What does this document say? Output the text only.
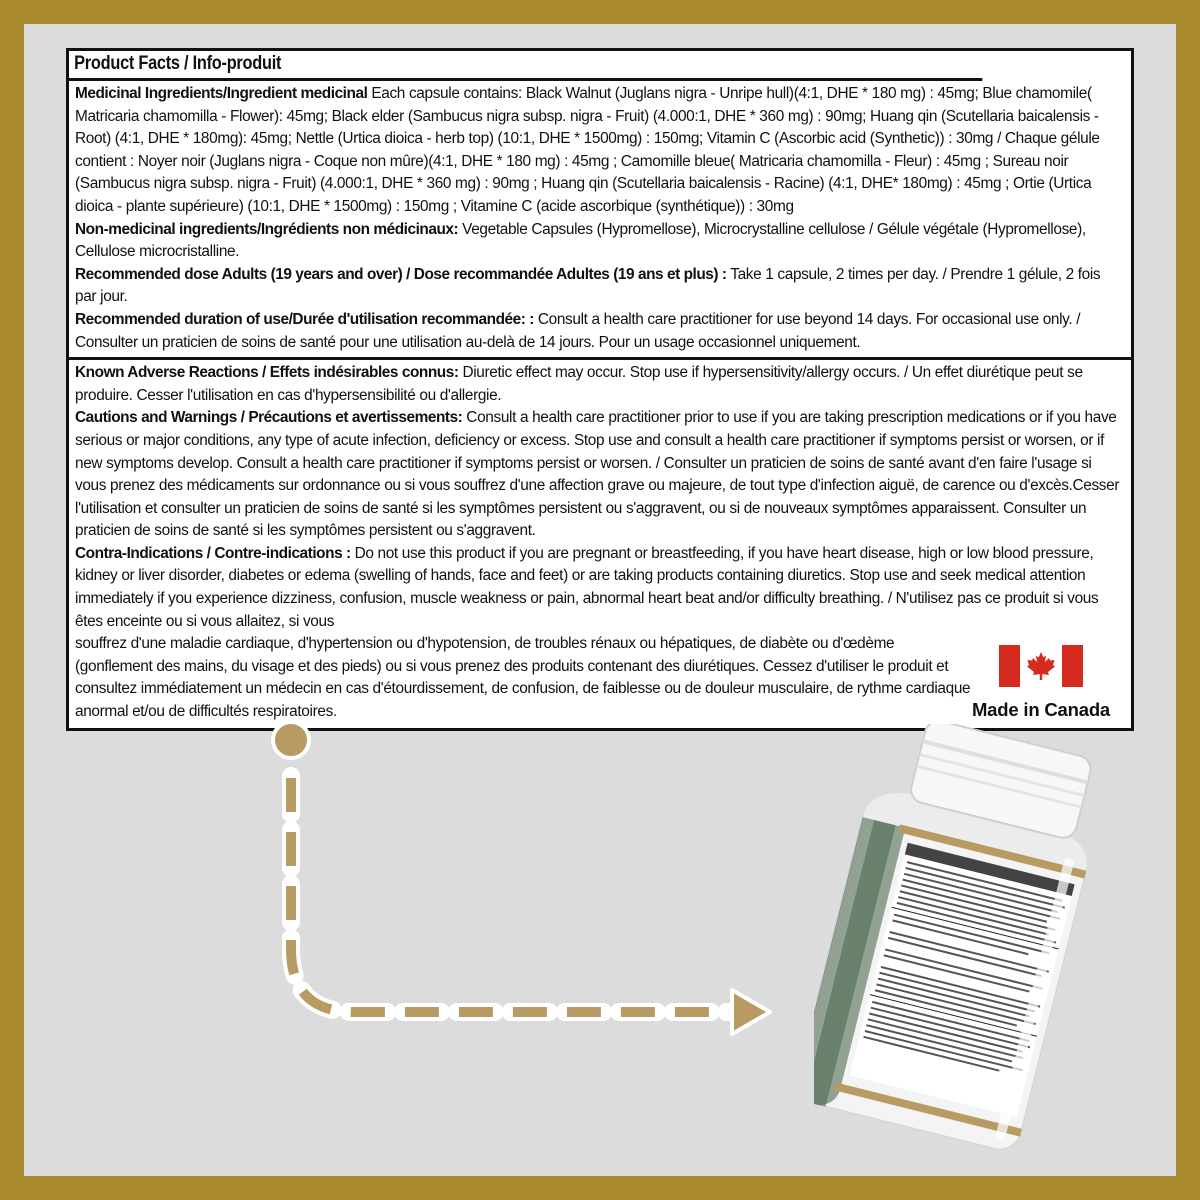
Product Facts / Info-produit

Medicinal Ingredients/Ingredient medicinal Each capsule contains: Black Walnut (Juglans nigra - Unripe hull)(4:1, DHE * 180 mg) : 45mg; Blue chamomile( Matricaria chamomilla - Flower): 45mg; Black elder (Sambucus nigra subsp. nigra - Fruit) (4.000:1, DHE * 360 mg) : 90mg; Huang qin (Scutellaria baicalensis - Root) (4:1, DHE * 180mg): 45mg; Nettle (Urtica dioica - herb top) (10:1, DHE * 1500mg) : 150mg; Vitamin C (Ascorbic acid (Synthetic)) : 30mg / Chaque gélule contient : Noyer noir (Juglans nigra - Coque non mûre)(4:1, DHE * 180 mg) : 45mg ; Camomille bleue( Matricaria chamomilla - Fleur) : 45mg ; Sureau noir (Sambucus nigra subsp. nigra - Fruit) (4.000:1, DHE * 360 mg) : 90mg ; Huang qin (Scutellaria baicalensis - Racine) (4:1, DHE* 180mg) : 45mg ; Ortie (Urtica dioica - plante supérieure) (10:1, DHE * 1500mg) : 150mg ; Vitamine C (acide ascorbique (synthétique)) : 30mg

Non-medicinal ingredients/Ingrédients non médicinaux: Vegetable Capsules (Hypromellose), Microcrystalline cellulose / Gélule végétale (Hypromellose), Cellulose microcristalline.

Recommended dose Adults (19 years and over) / Dose recommandée Adultes (19 ans et plus) : Take 1 capsule, 2 times per day. / Prendre 1 gélule, 2 fois par jour.

Recommended duration of use/Durée d'utilisation recommandée: : Consult a health care practitioner for use beyond 14 days. For occasional use only. / Consulter un praticien de soins de santé pour une utilisation au-delà de 14 jours. Pour un usage occasionnel uniquement.

Known Adverse Reactions / Effets indésirables connus: Diuretic effect may occur. Stop use if hypersensitivity/allergy occurs. / Un effet diurétique peut se produire. Cesser l'utilisation en cas d'hypersensibilité ou d'allergie.

Cautions and Warnings / Précautions et avertissements: Consult a health care practitioner prior to use if you are taking prescription medications or if you have serious or major conditions, any type of acute infection, deficiency or excess. Stop use and consult a health care practitioner if symptoms persist or worsen, or if new symptoms develop. Consult a health care practitioner if symptoms persist or worsen. / Consulter un praticien de soins de santé avant d'en faire l'usage si vous prenez des médicaments sur ordonnance ou si vous souffrez d'une affection grave ou majeure, de tout type d'infection aiguë, de carence ou d'excès.Cesser l'utilisation et consulter un praticien de soins de santé si les symptômes persistent ou s'aggravent, ou si de nouveaux symptômes apparaissent. Consulter un praticien de soins de santé si les symptômes persistent ou s'aggravent.

Contra-Indications / Contre-indications : Do not use this product if you are pregnant or breastfeeding, if you have heart disease, high or low blood pressure, kidney or liver disorder, diabetes or edema (swelling of hands, face and feet) or are taking products containing diuretics. Stop use and seek medical attention immediately if you experience dizziness, confusion, muscle weakness or pain, abnormal heart beat and/or difficulty breathing. / N'utilisez pas ce produit si vous êtes enceinte ou si vous allaitez, si vous

souffrez d'une maladie cardiaque, d'hypertension ou d'hypotension, de troubles rénaux ou hépatiques, de diabète ou d'œdème (gonflement des mains, du visage et des pieds) ou si vous prenez des produits contenant des diurétiques. Cessez d'utiliser le produit et consultez immédiatement un médecin en cas d'étourdissement, de confusion, de faiblesse ou de douleur musculaire, de rythme cardiaque anormal et/ou de difficultés respiratoires.	Made in Canada
